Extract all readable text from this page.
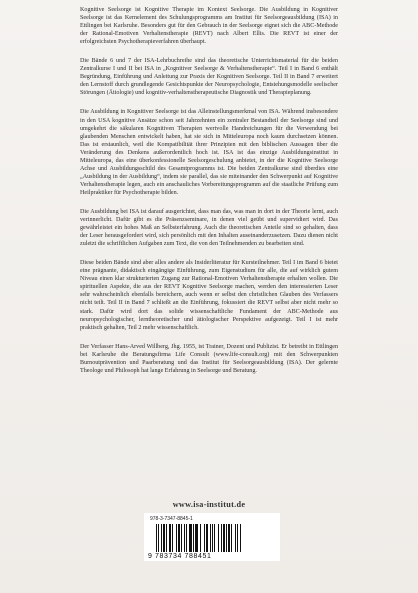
Kognitive Seelsorge ist Kognitive Therapie im Kontext Seelsorge. Die Ausbildung in Kognitiver Seelsorge ist das Kernelement des Schulungsprogramms am Institut für Seelsorgeausbildung (ISA) in Ettlingen bei Karlsruhe. Besonders gut für den Gebrauch in der Seelsorge eignet sich die ABC-Methode der Rational-Emotiven Verhaltenstherapie (REVT) nach Albert Ellis. Die REVT ist einer der erfolgreichsten Psychotherapieverfahren überhaupt.

Die Bände 6 und 7 der ISA-Lehrbuchreihe sind das theoretische Unterrichtsmaterial für die beiden Zentralkurse I und II bei ISA in „Kognitiver Seelsorge & Verhaltenstherapie“. Teil I in Band 6 enthält Begründung, Einführung und Anleitung zur Praxis der Kognitiven Seelsorge. Teil II in Band 7 erweitert den Lernstoff durch grundlegende Gesichtspunkte der Neuropsychologie, Entstehungsmodelle seelischer Störungen (Ätiologie) und kognitiv-verhaltenstherapeutische Diagnostik und Therapieplanung.

Die Ausbildung in Kognitiver Seelsorge ist das Alleinstellungsmerkmal von ISA. Während insbesondere in den USA kognitive Ansätze schon seit Jahrzehnten ein zentraler Bestandteil der Seelsorge sind und umgekehrt die säkularen Kognitiven Therapien wertvolle Handreichungen für die Verwendung bei glaubenden Menschen entwickelt haben, hat sie sich in Mitteleuropa noch kaum durchsetzen können. Das ist erstaunlich, weil die Kompatibilität ihrer Prinzipien mit den biblischen Aussagen über die Veränderung des Denkens außerordentlich hoch ist. ISA ist das einzige Ausbildungsinstitut in Mitteleuropa, das eine überkonfessionelle Seelsorgeschulung anbietet, in der die Kognitive Seelsorge Achse und Ausbildungsschild des Gesamtprogramms ist. Die beiden Zentralkurse sind überdies eine „Ausbildung in der Ausbildung“, indem sie parallel, das sie miteinander den Schwerpunkt auf Kognitive Verhaltenstherapie legen, auch ein anschauliches Vorbereitungsprogramm auf die staatliche Prüfung zum Heilpraktiker für Psychotherapie bilden.

Die Ausbildung bei ISA ist darauf ausgerichtet, dass man das, was man in dort in der Theorie lernt, auch verinnerlicht. Dafür gibt es die Präsenzseminare, in denen viel geübt und supervidiert wird. Das gewährleistet ein hohes Maß an Selbsterfahrung. Auch die theoretischen Anteile sind so gehalten, dass der Leser herausgefordert wird, sich persönlich mit den Inhalten auseinanderzusetzen. Dazu dienen nicht zuletzt die schriftlichen Aufgaben zum Text, die von den Teilnehmenden zu bearbeiten sind.

Diese beiden Bände sind aber alles andere als Insiderliteratur für Kursteilnehmer. Teil I im Band 6 bietet eine prägnante, didaktisch eingängige Einführung, zum Eigenstudium für alle, die auf wirklich gutem Niveau einen klar strukturierten Zugang zur Rational-Emotiven Verhaltenstherapie erhalten wollen. Die spirituellen Aspekte, die aus der REVT Kognitive Seelsorge machen, werden den interessierten Leser sehr wahrscheinlich ebenfalls bereichern, auch wenn er selbst den christlichen Glauben des Verfassers nicht teilt. Teil II in Band 7 schließt an die Einführung, fokussiert die REVT selbst aber nicht mehr so stark. Dafür wird dort das solide wissenschaftliche Fundament der ABC-Methode aus neuropsychologischer, lerntheoretischer und ätiologischer Perspektive aufgezeigt. Teil I ist mehr praktisch gehalten, Teil 2 mehr wissenschaftlich.

Der Verfasser Hans-Arved Willberg, Jhg. 1955, ist Trainer, Dozent und Publizist. Er betreibt in Ettlingen bei Karlsruhe die Beratungsfirma Life Consult (www.life-consult.org) mit den Schwerpunkten Burnoutprävention und Paarberatung und das Institut für Seelsorgeausbildung (ISA). Der gelernte Theologe und Philosoph hat lange Erfahrung in Seelsorge und Beratung.

www.isa-institut.de
978-3-7347-8845-1
9 783734 788451
